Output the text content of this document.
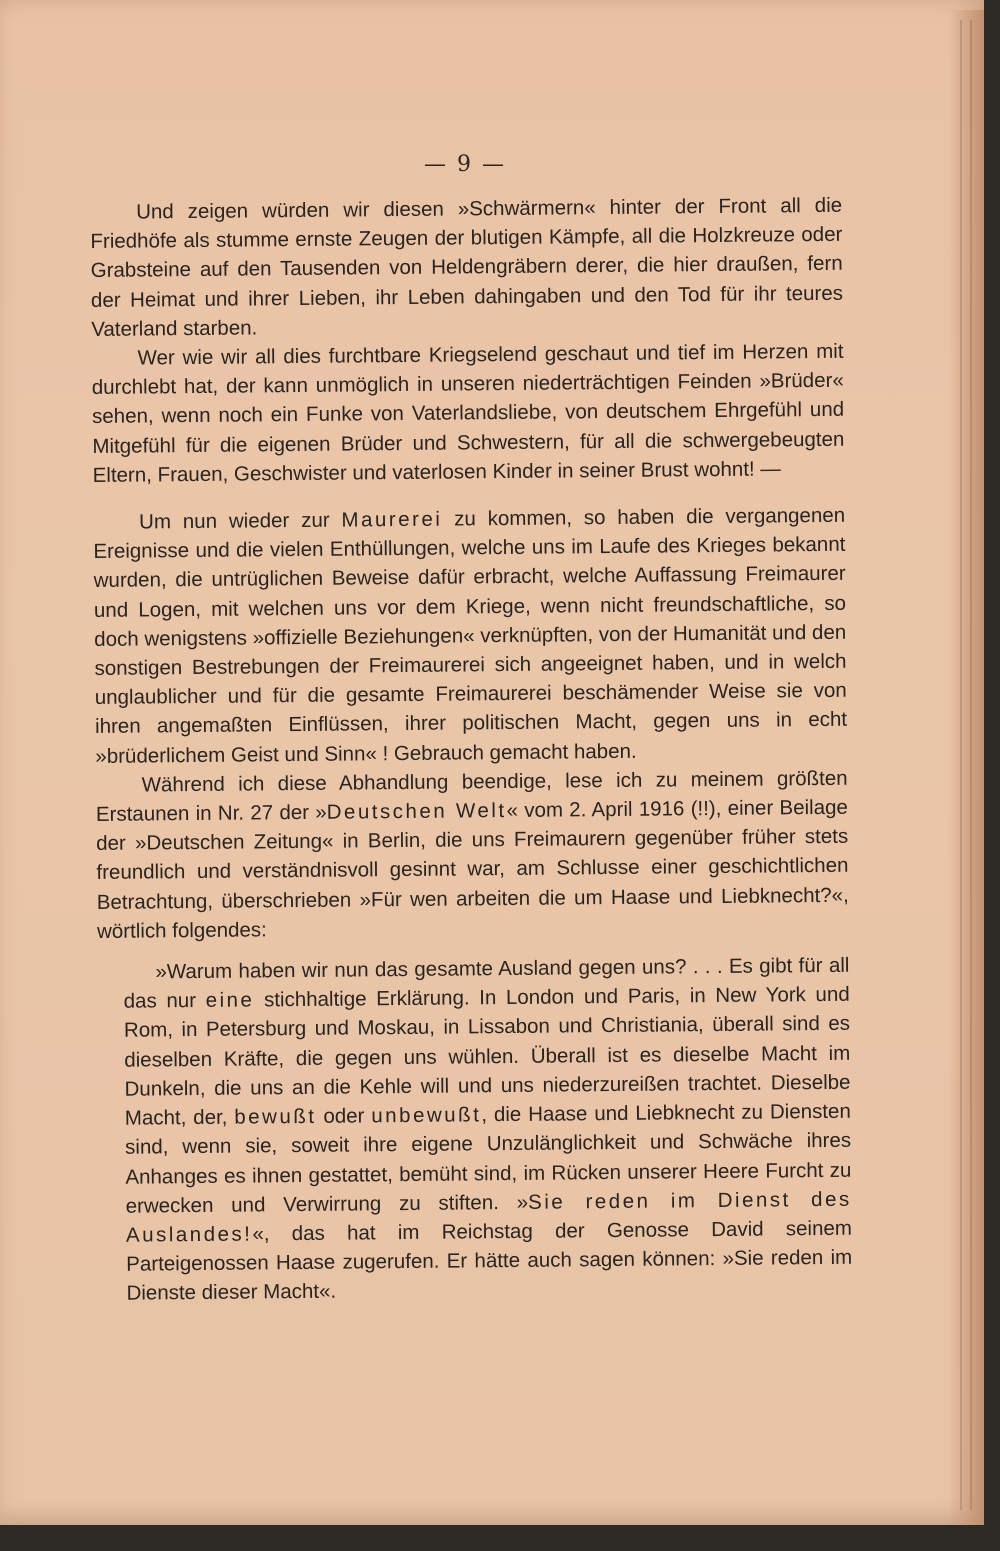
— 9 —

Und zeigen würden wir diesen »Schwärmern« hinter der Front all die Friedhöfe als stumme ernste Zeugen der blutigen Kämpfe, all die Holzkreuze oder Grabsteine auf den Tausenden von Heldengräbern derer, die hier draußen, fern der Heimat und ihrer Lieben, ihr Leben dahingaben und den Tod für ihr teures Vaterland starben.

Wer wie wir all dies furchtbare Kriegselend geschaut und tief im Herzen mit durchlebt hat, der kann unmöglich in unseren niederträchtigen Feinden »Brüder« sehen, wenn noch ein Funke von Vaterlandsliebe, von deutschem Ehrgefühl und Mitgefühl für die eigenen Brüder und Schwestern, für all die schwergebeugten Eltern, Frauen, Geschwister und vaterlosen Kinder in seiner Brust wohnt! —

Um nun wieder zur Maurerei zu kommen, so haben die vergangenen Ereignisse und die vielen Enthüllungen, welche uns im Laufe des Krieges bekannt wurden, die untrüglichen Beweise dafür erbracht, welche Auffassung Freimaurer und Logen, mit welchen uns vor dem Kriege, wenn nicht freundschaftliche, so doch wenigstens »offizielle Beziehungen« verknüpften, von der Humanität und den sonstigen Bestrebungen der Freimaurerei sich angeeignet haben, und in welch unglaublicher und für die gesamte Freimaurerei beschämender Weise sie von ihren angemaßten Einflüssen, ihrer politischen Macht, gegen uns in echt »brüderlichem Geist und Sinn« ! Gebrauch gemacht haben.

Während ich diese Abhandlung beendige, lese ich zu meinem größten Erstaunen in Nr. 27 der »Deutschen Welt« vom 2. April 1916 (!!), einer Beilage der »Deutschen Zeitung« in Berlin, die uns Freimaurern gegenüber früher stets freundlich und verständnisvoll gesinnt war, am Schlusse einer geschichtlichen Betrachtung, überschrieben »Für wen arbeiten die um Haase und Liebknecht?«, wörtlich folgendes:

»Warum haben wir nun das gesamte Ausland gegen uns? . . . Es gibt für all das nur eine stichhaltige Erklärung. In London und Paris, in New York und Rom, in Petersburg und Moskau, in Lissabon und Christiania, überall sind es dieselben Kräfte, die gegen uns wühlen. Überall ist es dieselbe Macht im Dunkeln, die uns an die Kehle will und uns niederzureißen trachtet. Dieselbe Macht, der, bewußt oder unbewußt, die Haase und Liebknecht zu Diensten sind, wenn sie, soweit ihre eigene Unzulänglichkeit und Schwäche ihres Anhanges es ihnen gestattet, bemüht sind, im Rücken unserer Heere Furcht zu erwecken und Verwirrung zu stiften. »Sie reden im Dienst des Auslandes!«, das hat im Reichstag der Genosse David seinem Parteigenossen Haase zugerufen. Er hätte auch sagen können: »Sie reden im Dienste dieser Macht«.
